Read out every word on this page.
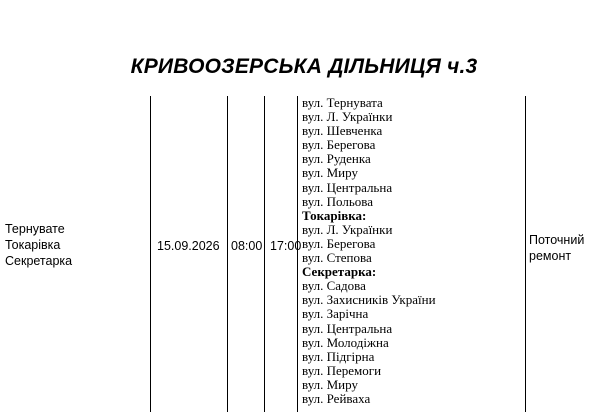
КРИВООЗЕРСЬКА ДІЛЬНИЦЯ ч.3
Тернувате
Токарівка
Секретарка
15.09.2026 08:00 17:00
вул. Тернувата
вул. Л. Українки
вул. Шевченка
вул. Берегова
вул. Руденка
вул. Миру
вул. Центральна
вул. Польова
Токарівка:
вул. Л. Українки
вул. Берегова
вул. Степова
Секретарка:
вул. Садова
вул. Захисників України
вул. Зарічна
вул. Центральна
вул. Молодіжна
вул. Підгірна
вул. Перемоги
вул. Миру
вул. Рейваха
Поточний
ремонт
